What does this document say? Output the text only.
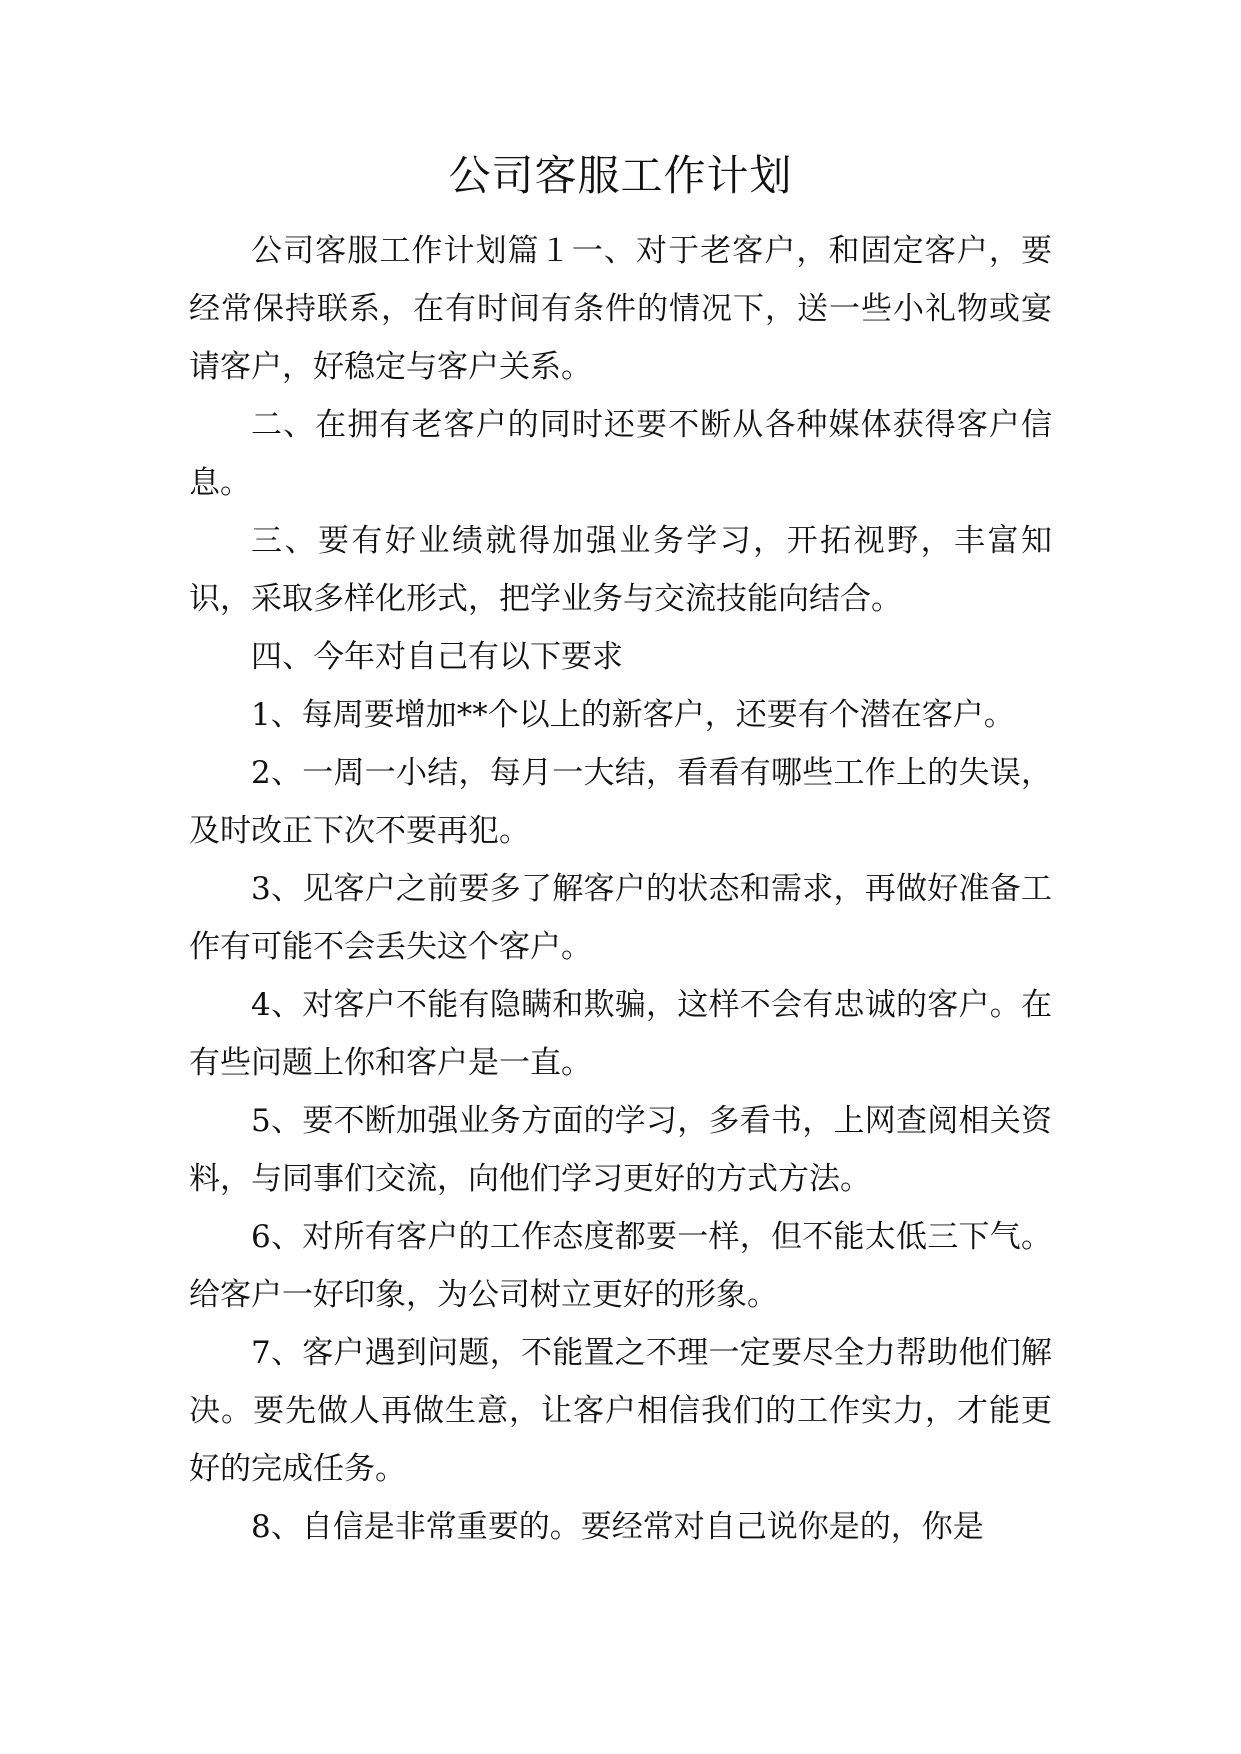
公司客服工作计划

公司客服工作计划篇１一、对于老客户，和固定客户，要经常保持联系，在有时间有条件的情况下，送一些小礼物或宴请客户，好稳定与客户关系。

二、在拥有老客户的同时还要不断从各种媒体获得客户信息。

三、要有好业绩就得加强业务学习，开拓视野，丰富知识，采取多样化形式，把学业务与交流技能向结合。

四、今年对自己有以下要求

1、每周要增加**个以上的新客户，还要有个潜在客户。

2、一周一小结，每月一大结，看看有哪些工作上的失误，及时改正下次不要再犯。

3、见客户之前要多了解客户的状态和需求，再做好准备工作有可能不会丢失这个客户。

4、对客户不能有隐瞒和欺骗，这样不会有忠诚的客户。在有些问题上你和客户是一直。

5、要不断加强业务方面的学习，多看书，上网查阅相关资料，与同事们交流，向他们学习更好的方式方法。

6、对所有客户的工作态度都要一样，但不能太低三下气。给客户一好印象，为公司树立更好的形象。

7、客户遇到问题，不能置之不理一定要尽全力帮助他们解决。要先做人再做生意，让客户相信我们的工作实力，才能更好的完成任务。

8、自信是非常重要的。要经常对自己说你是的，你是
